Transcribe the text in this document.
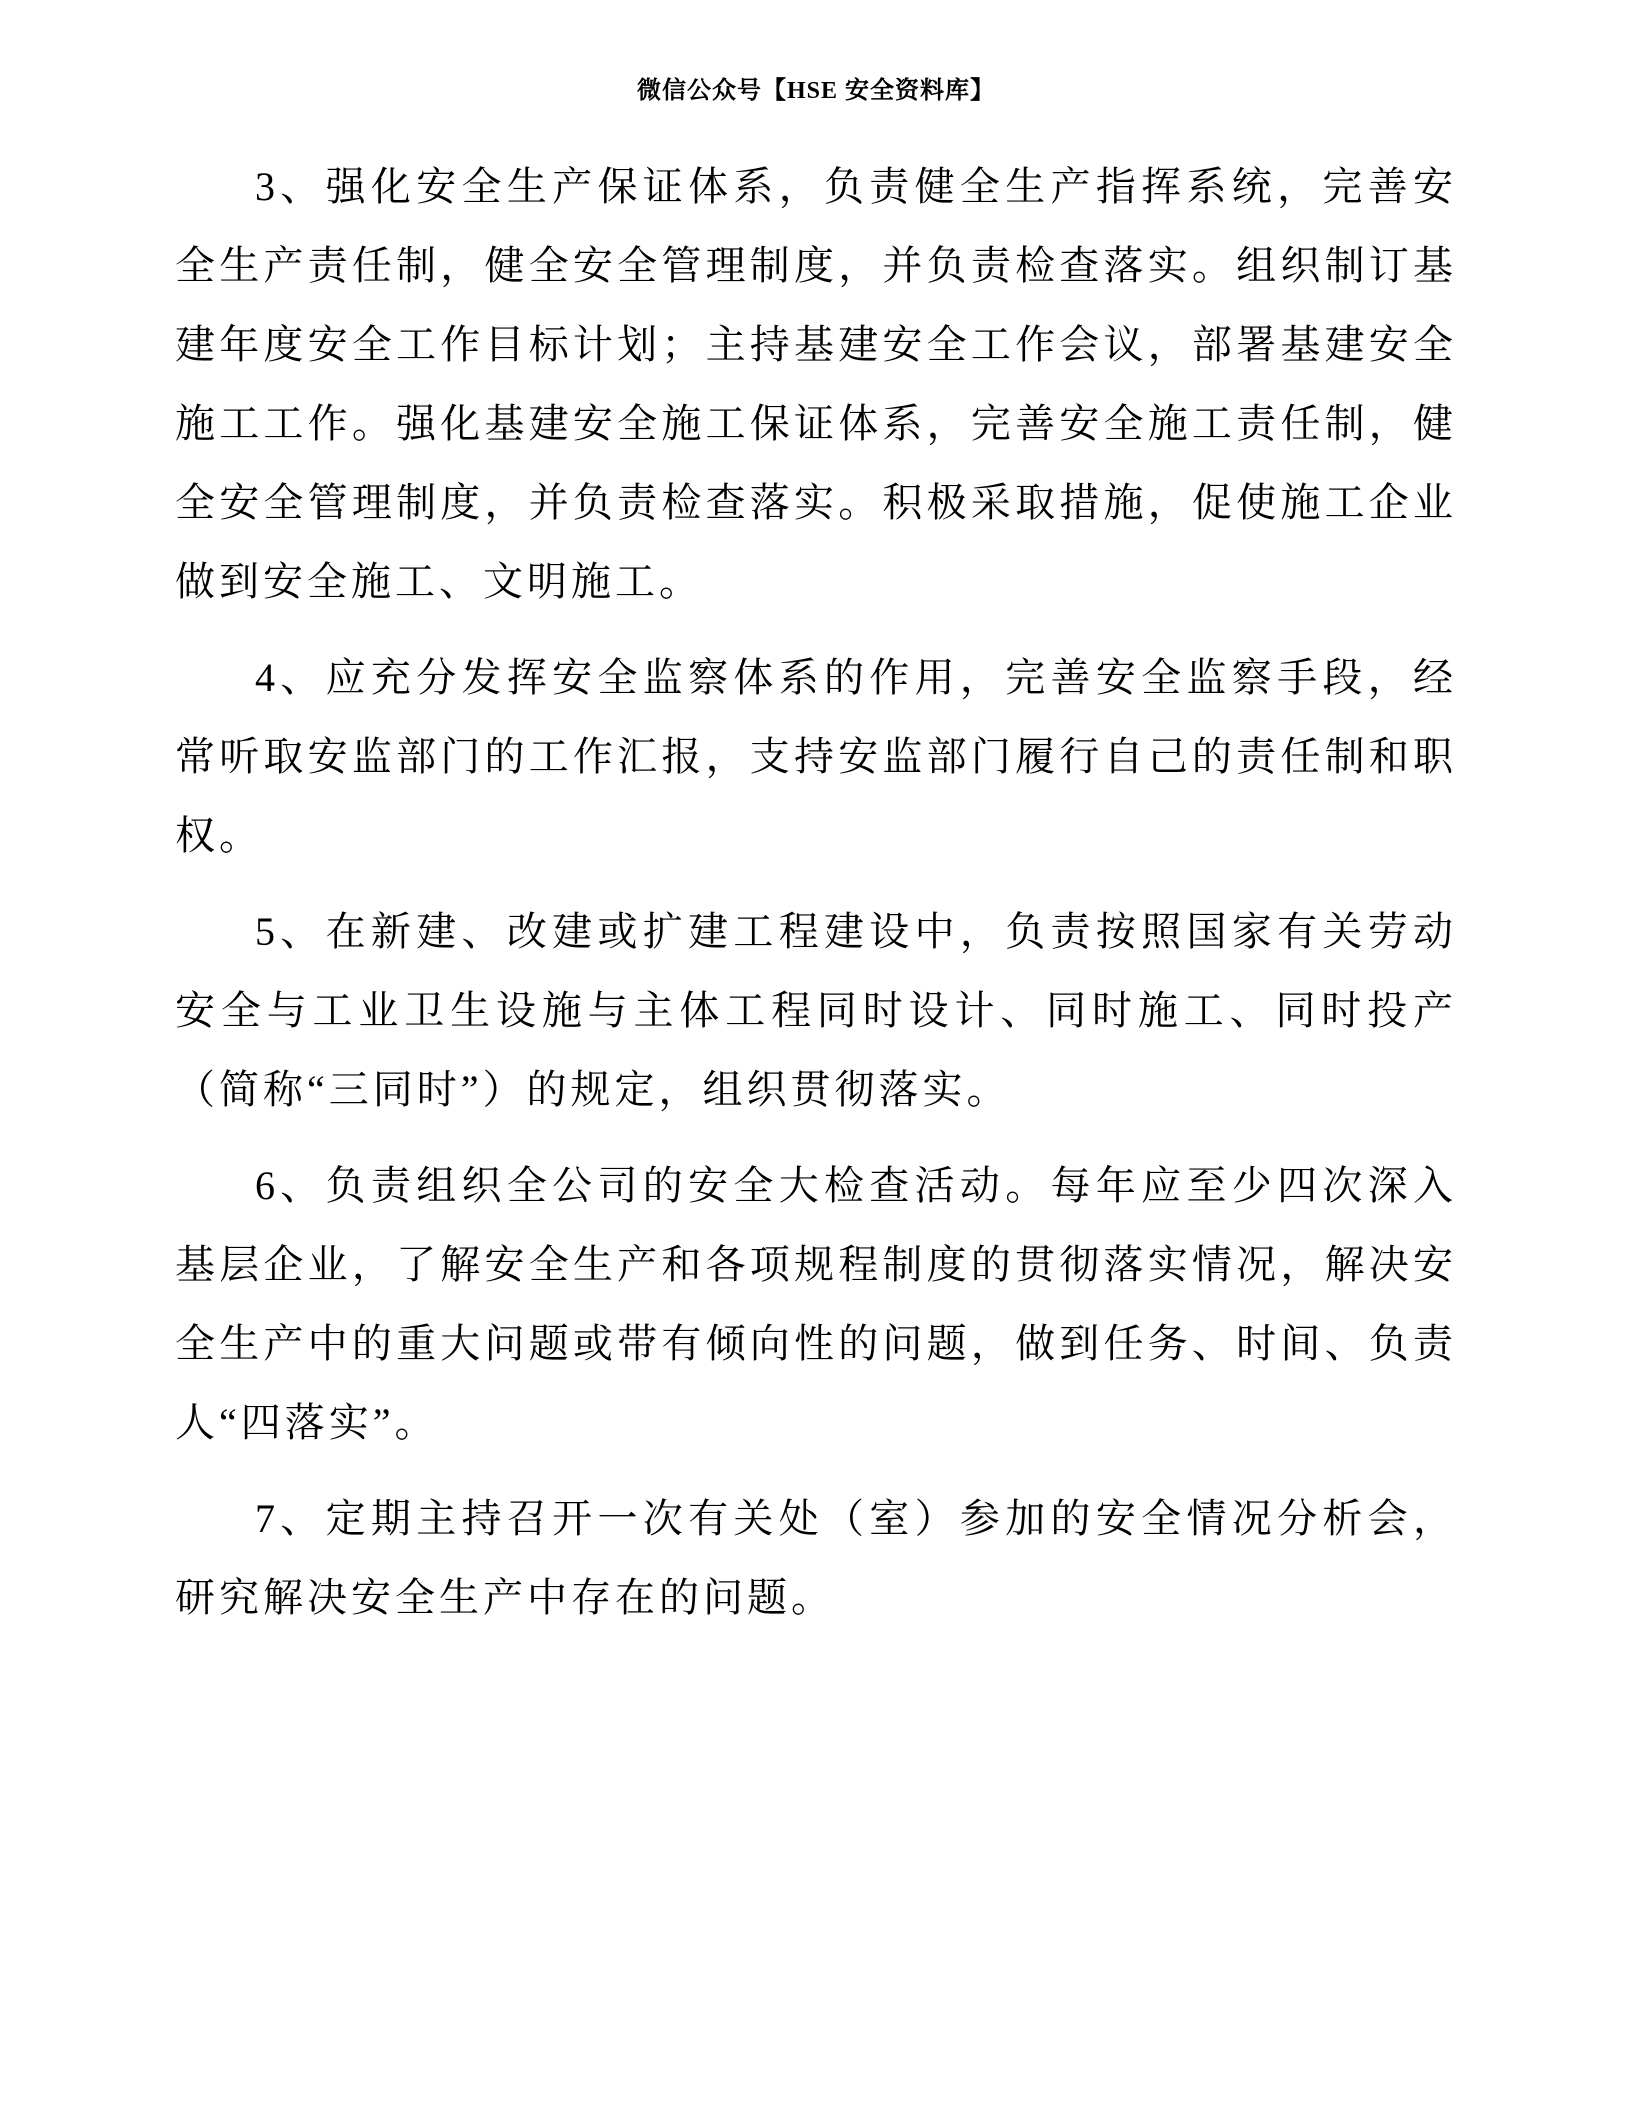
微信公众号【HSE 安全资料库】

3、强化安全生产保证体系，负责健全生产指挥系统，完善安全生产责任制，健全安全管理制度，并负责检查落实。组织制订基建年度安全工作目标计划；主持基建安全工作会议，部署基建安全施工工作。强化基建安全施工保证体系，完善安全施工责任制，健全安全管理制度，并负责检查落实。积极采取措施，促使施工企业做到安全施工、文明施工。

4、应充分发挥安全监察体系的作用，完善安全监察手段，经常听取安监部门的工作汇报，支持安监部门履行自己的责任制和职权。

5、在新建、改建或扩建工程建设中，负责按照国家有关劳动安全与工业卫生设施与主体工程同时设计、同时施工、同时投产（简称“三同时”）的规定，组织贯彻落实。

6、负责组织全公司的安全大检查活动。每年应至少四次深入基层企业，了解安全生产和各项规程制度的贯彻落实情况，解决安全生产中的重大问题或带有倾向性的问题，做到任务、时间、负责人“四落实”。

7、定期主持召开一次有关处（室）参加的安全情况分析会，研究解决安全生产中存在的问题。
